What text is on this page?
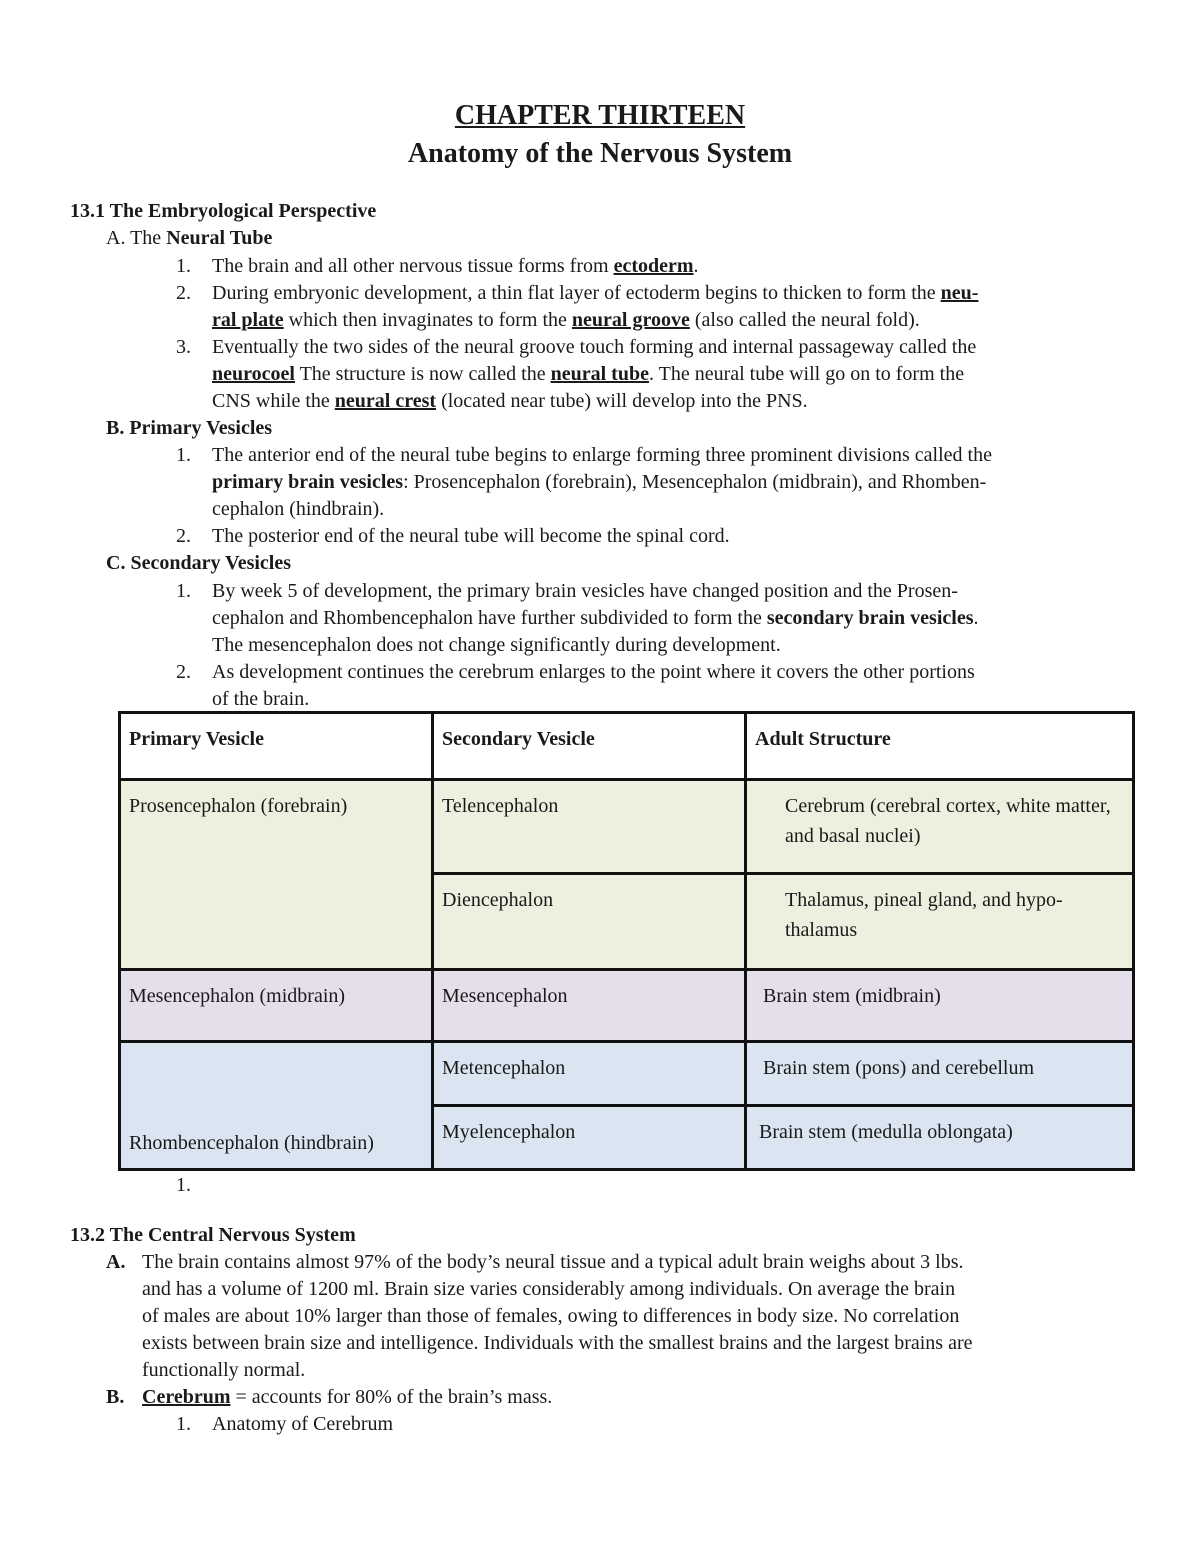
CHAPTER THIRTEEN
Anatomy of the Nervous System
13.1 The Embryological Perspective
A. The Neural Tube
1. The brain and all other nervous tissue forms from ectoderm.
2. During embryonic development, a thin flat layer of ectoderm begins to thicken to form the neu-
ral plate which then invaginates to form the neural groove (also called the neural fold).
3. Eventually the two sides of the neural groove touch forming and internal passageway called the
neurocoel The structure is now called the neural tube. The neural tube will go on to form the
CNS while the neural crest (located near tube) will develop into the PNS.
B. Primary Vesicles
1. The anterior end of the neural tube begins to enlarge forming three prominent divisions called the
primary brain vesicles: Prosencephalon (forebrain), Mesencephalon (midbrain), and Rhomben-
cephalon (hindbrain).
2. The posterior end of the neural tube will become the spinal cord.
C. Secondary Vesicles
1. By week 5 of development, the primary brain vesicles have changed position and the Prosen-
cephalon and Rhombencephalon have further subdivided to form the secondary brain vesicles.
The mesencephalon does not change significantly during development.
2. As development continues the cerebrum enlarges to the point where it covers the other portions
of the brain.
Primary Vesicle	Secondary Vesicle	Adult Structure
Prosencephalon (forebrain)	Telencephalon	Cerebrum (cerebral cortex, white matter, and basal nuclei)
	Diencephalon	Thalamus, pineal gland, and hypo-thalamus
Mesencephalon (midbrain)	Mesencephalon	Brain stem (midbrain)
Rhombencephalon (hindbrain)	Metencephalon	Brain stem (pons) and cerebellum
	Myelencephalon	Brain stem (medulla oblongata)
1.
13.2 The Central Nervous System
A. The brain contains almost 97% of the body’s neural tissue and a typical adult brain weighs about 3 lbs.
and has a volume of 1200 ml. Brain size varies considerably among individuals. On average the brain
of males are about 10% larger than those of females, owing to differences in body size. No correlation
exists between brain size and intelligence. Individuals with the smallest brains and the largest brains are
functionally normal.
B. Cerebrum = accounts for 80% of the brain’s mass.
1. Anatomy of Cerebrum
